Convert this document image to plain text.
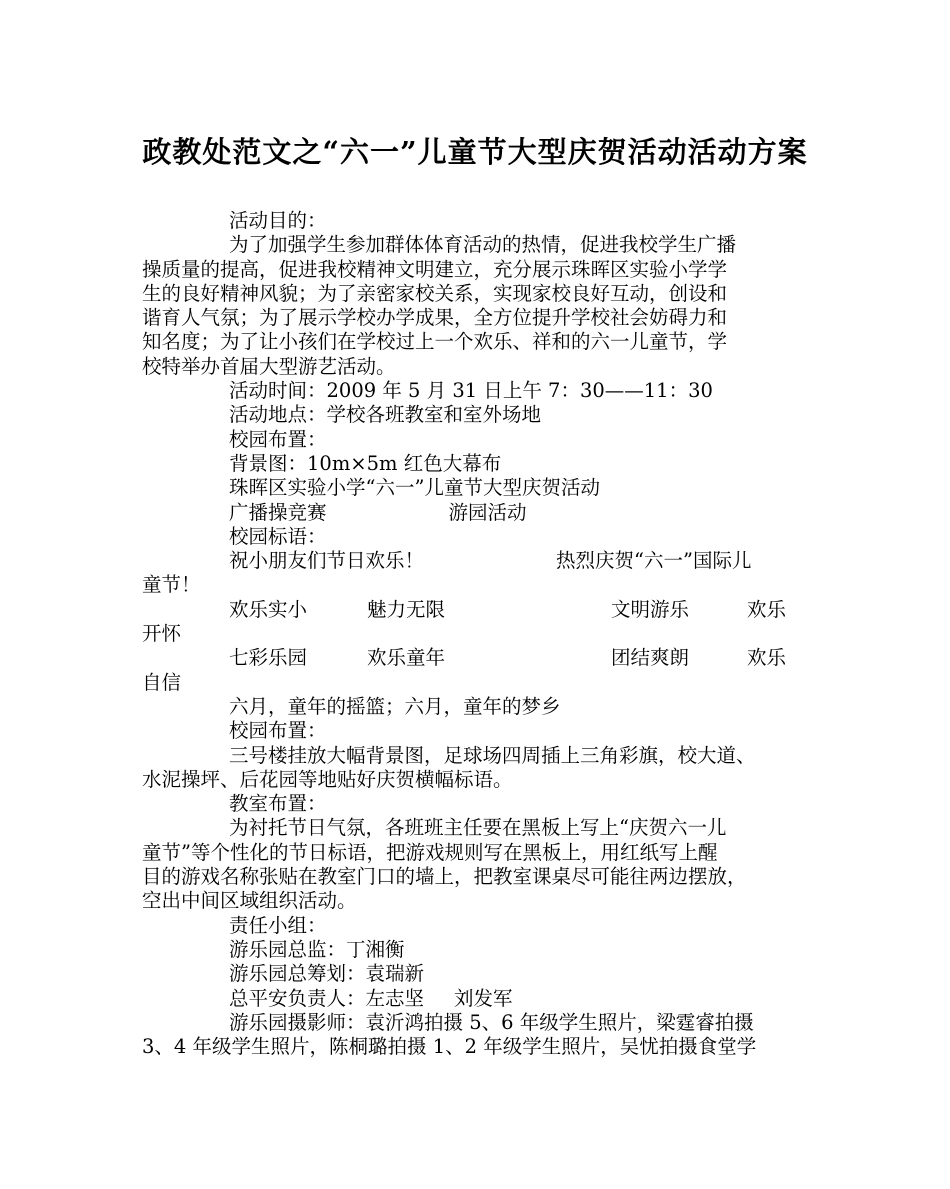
政教处范文之“六一”儿童节大型庆贺活动活动方案
活动目的：
为了加强学生参加群体体育活动的热情，促进我校学生广播
操质量的提高，促进我校精神文明建立，充分展示珠晖区实验小学学
生的良好精神风貌；为了亲密家校关系，实现家校良好互动，创设和
谐育人气氛；为了展示学校办学成果，全方位提升学校社会妨碍力和
知名度；为了让小孩们在学校过上一个欢乐、祥和的六一儿童节，学
校特举办首届大型游艺活动。
活动时间：2009 年 5 月 31 日上午 7：30——11：30
活动地点：学校各班教室和室外场地
校园布置：
背景图：10m×5m 红色大幕布
珠晖区实验小学“六一”儿童节大型庆贺活动
广播操竞赛	游园活动
校园标语：
祝小朋友们节日欢乐！	热烈庆贺“六一”国际儿
童节！
欢乐实小	魅力无限	文明游乐	欢乐
开怀
七彩乐园	欢乐童年	团结爽朗	欢乐
自信
六月，童年的摇篮；六月，童年的梦乡
校园布置：
三号楼挂放大幅背景图，足球场四周插上三角彩旗，校大道、
水泥操坪、后花园等地贴好庆贺横幅标语。
教室布置：
为衬托节日气氛，各班班主任要在黑板上写上“庆贺六一儿
童节”等个性化的节日标语，把游戏规则写在黑板上，用红纸写上醒
目的游戏名称张贴在教室门口的墙上，把教室课桌尽可能往两边摆放，
空出中间区域组织活动。
责任小组：
游乐园总监：丁湘衡
游乐园总筹划：袁瑞新
总平安负责人：左志坚 刘发军
游乐园摄影师：袁沂鸿拍摄 5、6 年级学生照片，梁霆睿拍摄
3、4 年级学生照片，陈桐璐拍摄 1、2 年级学生照片，吴忧拍摄食堂学
